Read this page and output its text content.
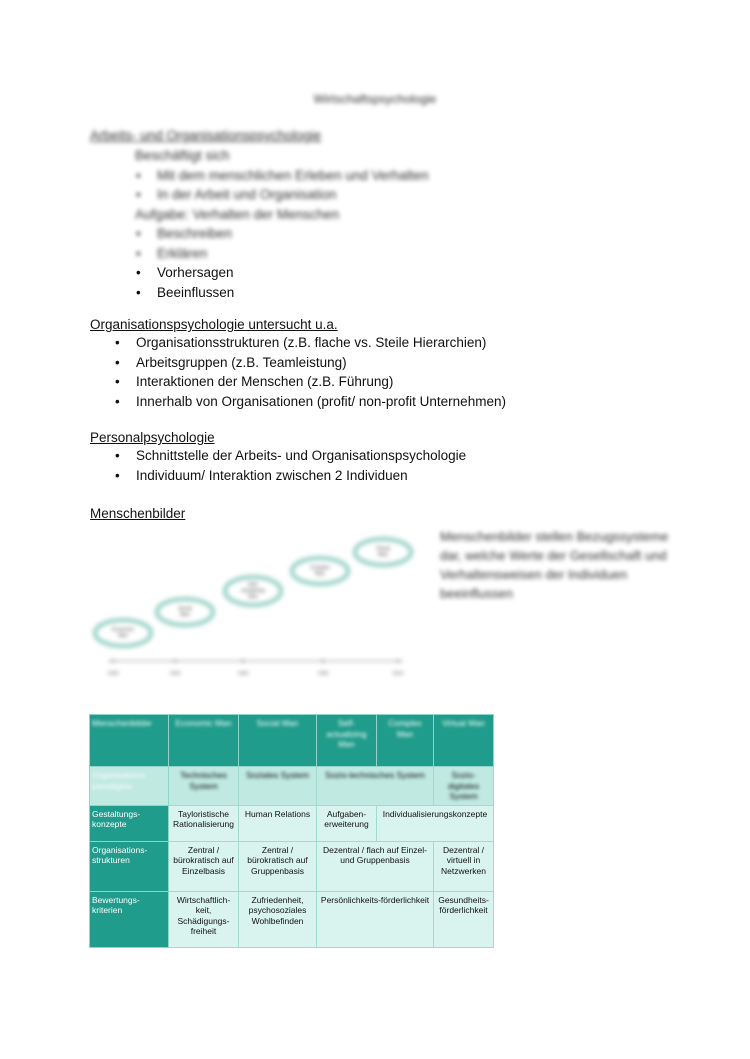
Wirtschaftspsychologie
Arbeits- und Organisationspsychologie
Beschäftigt sich
• Mit dem menschlichen Erleben und Verhalten
• In der Arbeit und Organisation
Aufgabe: Verhalten der Menschen
• Beschreiben
• Erklären
• Vorhersagen
• Beeinflussen
Organisationspsychologie untersucht u.a.
• Organisationsstrukturen (z.B. flache vs. Steile Hierarchien)
• Arbeitsgruppen (z.B. Teamleistung)
• Interaktionen der Menschen (z.B. Führung)
• Innerhalb von Organisationen (profit/ non-profit Unternehmen)
Personalpsychologie
• Schnittstelle der Arbeits- und Organisationspsychologie
• Individuum/ Interaktion zwischen 2 Individuen
Menschenbilder
Economic
Man
Social
Man
Self-
actualizing
Man
Complex
Man
Virtual
Man
1900	1930	1960	1990	2010
Menschenbilder stellen Bezugssysteme dar, welche Werte der Gesellschaft und Verhaltensweisen der Individuen beeinflussen
Menschenbilder	Economic Man	Social Man	Self-actualizing Man	Complex Man	Virtual Man
Organisations-paradigma	Technisches System	Soziales System	Sozio-technisches System		Sozio-digitales System
Gestaltungs-konzepte	Tayloristische Rationalisierung	Human Relations	Aufgaben-erweiterung	Individualisierungskonzepte	
Organisations-strukturen	Zentral / bürokratisch auf Einzelbasis	Zentral / bürokratisch auf Gruppenbasis	Dezentral / flach auf Einzel- und Gruppenbasis		Dezentral / virtuell in Netzwerken
Bewertungs-kriterien	Wirtschaftlich-keit, Schädigungs-freiheit	Zufriedenheit, psychosoziales Wohlbefinden	Persönlichkeits-förderlichkeit		Gesundheits-förderlichkeit
